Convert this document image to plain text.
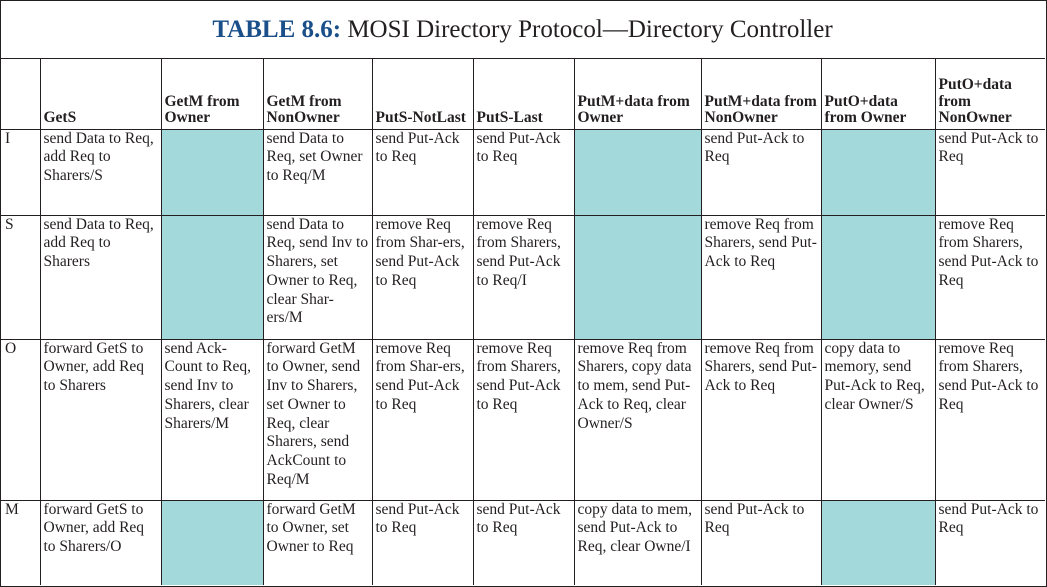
TABLE 8.6: MOSI Directory Protocol—Directory Controller
	GetS	GetM from Owner	GetM from NonOwner	PutS-NotLast	PutS-Last	PutM+data from Owner	PutM+data from NonOwner	PutO+data from Owner	PutO+data from NonOwner
I	send Data to Req, add Req to Sharers/S		send Data to Req, set Owner to Req/M	send Put-Ack to Req	send Put-Ack to Req		send Put-Ack to Req		send Put-Ack to Req
S	send Data to Req, add Req to Sharers		send Data to Req, send Inv to Sharers, set Owner to Req, clear Shar-ers/M	remove Req from Shar-ers, send Put-Ack to Req	remove Req from Sharers, send Put-Ack to Req/I		remove Req from Sharers, send Put-Ack to Req		remove Req from Sharers, send Put-Ack to Req
O	forward GetS to Owner, add Req to Sharers	send Ack-Count to Req, send Inv to Sharers, clear Sharers/M	forward GetM to Owner, send Inv to Sharers, set Owner to Req, clear Sharers, send AckCount to Req/M	remove Req from Shar-ers, send Put-Ack to Req	remove Req from Sharers, send Put-Ack to Req	remove Req from Sharers, copy data to mem, send Put-Ack to Req, clear Owner/S	remove Req from Sharers, send Put-Ack to Req	copy data to memory, send Put-Ack to Req, clear Owner/S	remove Req from Sharers, send Put-Ack to Req
M	forward GetS to Owner, add Req to Sharers/O		forward GetM to Owner, set Owner to Req	send Put-Ack to Req	send Put-Ack to Req	copy data to mem, send Put-Ack to Req, clear Owne/I	send Put-Ack to Req		send Put-Ack to Req
